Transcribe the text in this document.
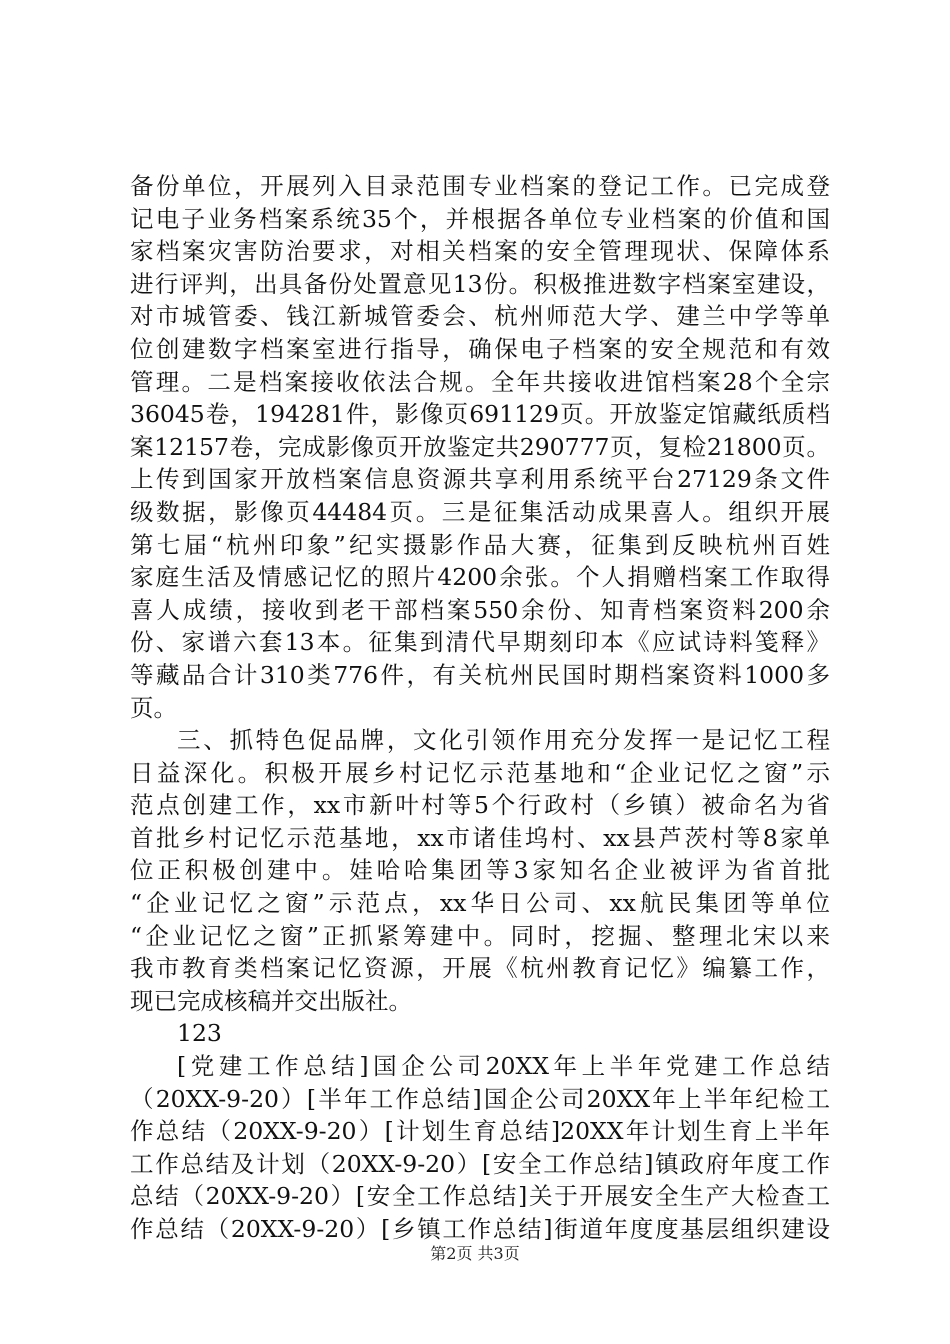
备份单位，开展列入目录范围专业档案的登记工作。已完成登
记电子业务档案系统35个，并根据各单位专业档案的价值和国
家档案灾害防治要求，对相关档案的安全管理现状、保障体系
进行评判，出具备份处置意见13份。积极推进数字档案室建设，
对市城管委、钱江新城管委会、杭州师范大学、建兰中学等单
位创建数字档案室进行指导，确保电子档案的安全规范和有效
管理。二是档案接收依法合规。全年共接收进馆档案28个全宗
36045卷，194281件，影像页691129页。开放鉴定馆藏纸质档
案12157卷，完成影像页开放鉴定共290777页，复检21800页。
上传到国家开放档案信息资源共享利用系统平台27129条文件
级数据，影像页44484页。三是征集活动成果喜人。组织开展
第七届“杭州印象”纪实摄影作品大赛，征集到反映杭州百姓
家庭生活及情感记忆的照片4200余张。个人捐赠档案工作取得
喜人成绩，接收到老干部档案550余份、知青档案资料200余
份、家谱六套13本。征集到清代早期刻印本《应试诗料笺释》
等藏品合计310类776件，有关杭州民国时期档案资料1000多
页。
三、抓特色促品牌，文化引领作用充分发挥一是记忆工程
日益深化。积极开展乡村记忆示范基地和“企业记忆之窗”示
范点创建工作，xx市新叶村等5个行政村（乡镇）被命名为省
首批乡村记忆示范基地，xx市诸佳坞村、xx县芦茨村等8家单
位正积极创建中。娃哈哈集团等3家知名企业被评为省首批
“企业记忆之窗”示范点，xx华日公司、xx航民集团等单位
“企业记忆之窗”正抓紧筹建中。同时，挖掘、整理北宋以来
我市教育类档案记忆资源，开展《杭州教育记忆》编纂工作，
现已完成核稿并交出版社。
123
[党建工作总结]国企公司20XX年上半年党建工作总结
（20XX-9-20）[半年工作总结]国企公司20XX年上半年纪检工
作总结（20XX-9-20）[计划生育总结]20XX年计划生育上半年
工作总结及计划（20XX-9-20）[安全工作总结]镇政府年度工作
总结（20XX-9-20）[安全工作总结]关于开展安全生产大检查工
作总结（20XX-9-20）[乡镇工作总结]街道年度度基层组织建设
第2页 共3页
